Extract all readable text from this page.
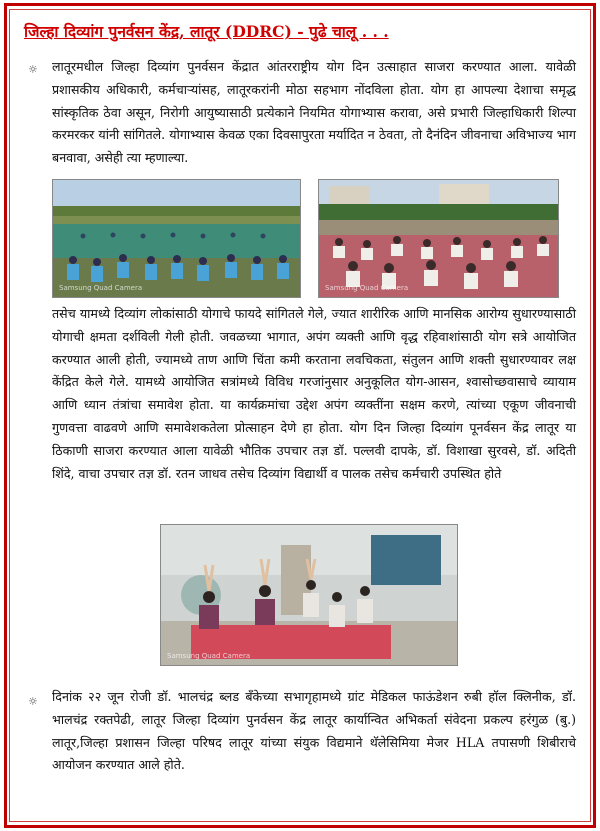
जिल्हा दिव्यांग पुनर्वसन केंद्र, लातूर (DDRC) - पुढे चालू . . .
☼ लातूरमधील जिल्हा दिव्यांग पुनर्वसन केंद्रात आंतरराष्ट्रीय योग दिन उत्साहात साजरा करण्यात आला. यावेळी प्रशासकीय अधिकारी, कर्मचाऱ्यांसह, लातूरकरांनी मोठा सहभाग नोंदविला होता. योग हा आपल्या देशाचा समृद्ध सांस्कृतिक ठेवा असून, निरोगी आयुष्यासाठी प्रत्येकाने नियमित योगाभ्यास करावा, असे प्रभारी जिल्हाधिकारी शिल्पा करमरकर यांनी सांगितले. योगाभ्यास केवळ एका दिवसापुरता मर्यादित न ठेवता, तो दैनंदिन जीवनाचा अविभाज्य भाग बनवावा, असेही त्या म्हणाल्या.

Samsung Quad Camera	Samsung Quad Camera

तसेच यामध्ये दिव्यांग लोकांसाठी योगाचे फायदे सांगितले गेले, ज्यात शारीरिक आणि मानसिक आरोग्य सुधारण्यासाठी योगाची क्षमता दर्शविली गेली होती. जवळच्या भागात, अपंग व्यक्ती आणि वृद्ध रहिवाशांसाठी योग सत्रे आयोजित करण्यात आली होती, ज्यामध्ये ताण आणि चिंता कमी करताना लवचिकता, संतुलन आणि शक्ती सुधारण्यावर लक्ष केंद्रित केले गेले. यामध्ये आयोजित सत्रांमध्ये विविध गरजांनुसार अनुकूलित योग-आसन, श्वासोच्छवासाचे व्यायाम आणि ध्यान तंत्रांचा समावेश होता. या कार्यक्रमांचा उद्देश अपंग व्यक्तींना सक्षम करणे, त्यांच्या एकूण जीवनाची गुणवत्ता वाढवणे आणि समावेशकतेला प्रोत्साहन देणे हा होता. योग दिन जिल्हा दिव्यांग पूनर्वसन केंद्र लातूर या ठिकाणी साजरा करण्यात आला यावेळी भौतिक उपचार तज्ञ डॉ. पल्लवी दापके, डॉ. विशाखा सुरवसे, डॉ. अदिती शिंदे, वाचा उपचार तज्ञ डॉ. रतन जाधव तसेच दिव्यांग विद्यार्थी व पालक तसेच कर्मचारी उपस्थित होते

Samsung Quad Camera
☼ दिनांक २२ जून रोजी डॉ. भालचंद्र ब्लड बँकेच्या सभागृहामध्ये ग्रांट मेडिकल फाऊंडेशन रुबी हॉल क्लिनीक, डॉ. भालचंद्र रक्तपेढी, लातूर जिल्हा दिव्यांग पुनर्वसन केंद्र लातूर कार्यान्वित अभिकर्ता संवेदना प्रकल्प हरंगुळ (बु.) लातूर,जिल्हा प्रशासन जिल्हा परिषद लातूर यांच्या संयुक विद्यमाने थॅलेसिमिया मेजर HLA तपासणी शिबीराचे आयोजन करण्यात आले होते.
